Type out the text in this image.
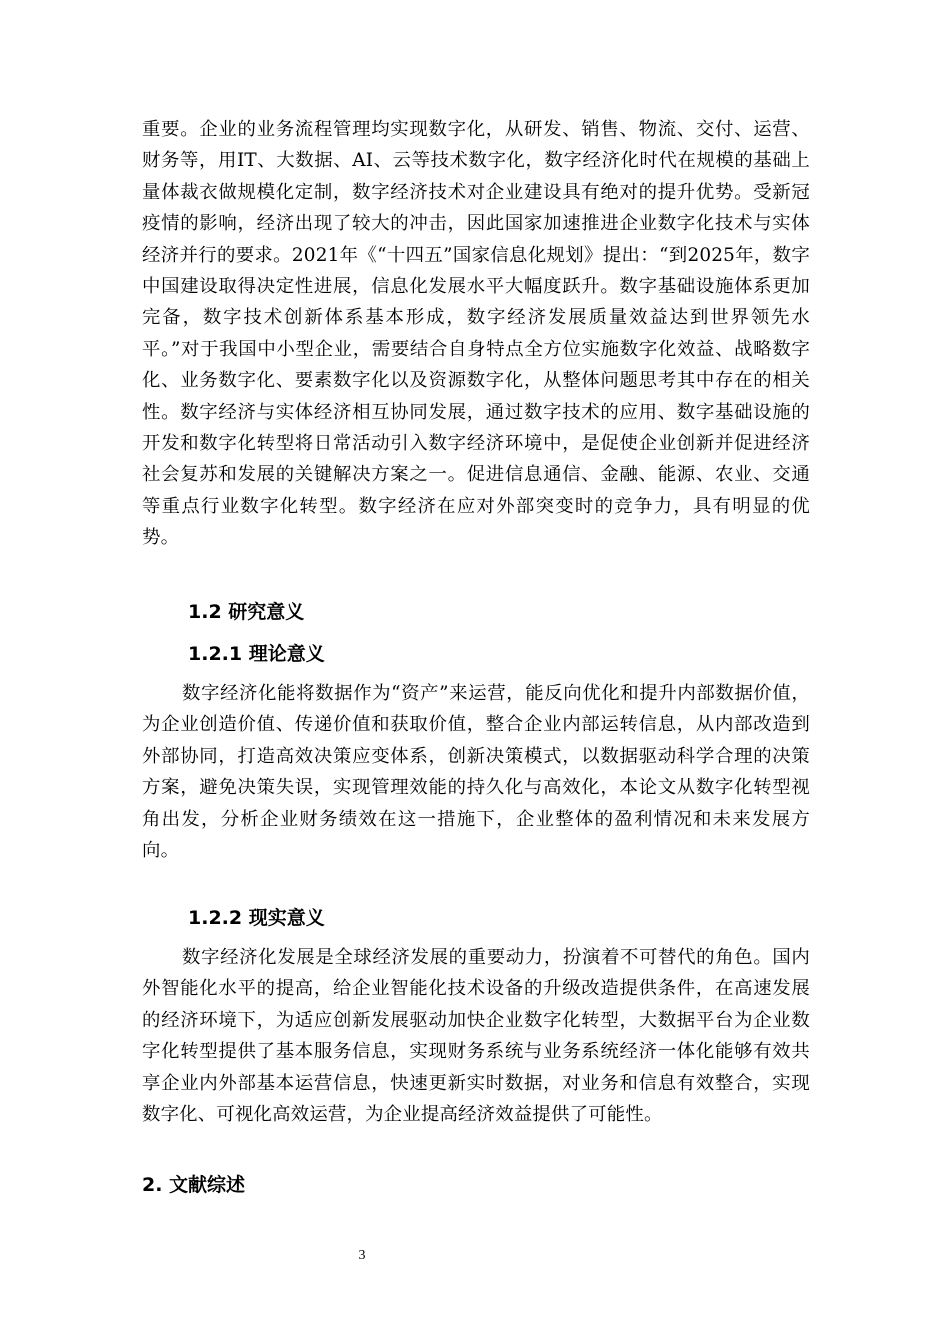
重要。企业的业务流程管理均实现数字化，从研发、销售、物流、交付、运营、财务等，用IT、大数据、AI、云等技术数字化，数字经济化时代在规模的基础上量体裁衣做规模化定制，数字经济技术对企业建设具有绝对的提升优势。受新冠疫情的影响，经济出现了较大的冲击，因此国家加速推进企业数字化技术与实体经济并行的要求。2021年《“十四五”国家信息化规划》提出：“到2025年，数字中国建设取得决定性进展，信息化发展水平大幅度跃升。数字基础设施体系更加完备，数字技术创新体系基本形成，数字经济发展质量效益达到世界领先水平。”对于我国中小型企业，需要结合自身特点全方位实施数字化效益、战略数字化、业务数字化、要素数字化以及资源数字化，从整体问题思考其中存在的相关性。数字经济与实体经济相互协同发展，通过数字技术的应用、数字基础设施的开发和数字化转型将日常活动引入数字经济环境中，是促使企业创新并促进经济社会复苏和发展的关键解决方案之一。促进信息通信、金融、能源、农业、交通等重点行业数字化转型。数字经济在应对外部突变时的竞争力，具有明显的优势。

1.2 研究意义
1.2.1 理论意义

数字经济化能将数据作为“资产”来运营，能反向优化和提升内部数据价值，为企业创造价值、传递价值和获取价值，整合企业内部运转信息，从内部改造到外部协同，打造高效决策应变体系，创新决策模式，以数据驱动科学合理的决策方案，避免决策失误，实现管理效能的持久化与高效化，本论文从数字化转型视角出发，分析企业财务绩效在这一措施下，企业整体的盈利情况和未来发展方向。

1.2.2 现实意义

数字经济化发展是全球经济发展的重要动力，扮演着不可替代的角色。国内外智能化水平的提高，给企业智能化技术设备的升级改造提供条件，在高速发展的经济环境下，为适应创新发展驱动加快企业数字化转型，大数据平台为企业数字化转型提供了基本服务信息，实现财务系统与业务系统经济一体化能够有效共享企业内外部基本运营信息，快速更新实时数据，对业务和信息有效整合，实现数字化、可视化高效运营，为企业提高经济效益提供了可能性。

2. 文献综述
3
